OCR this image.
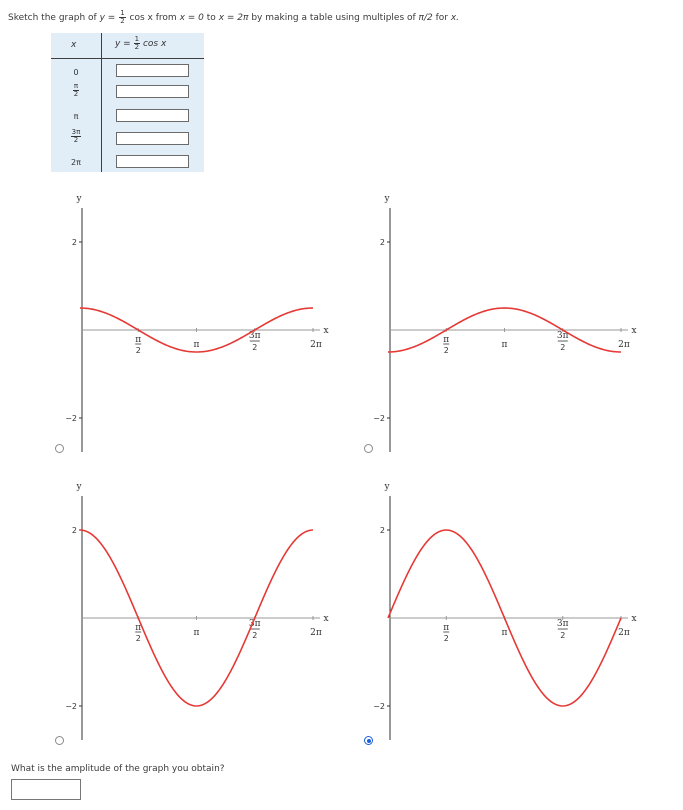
Sketch the graph of $y = \frac{1}{2}$ cos x from x = 0 to x = 2π by making a table using multiples of π/2 for x.
x	$y = \frac{1}{2}$ cos x
0
$\frac{\pi}{2}$
π
$\frac{3\pi}{2}$
2π
y
x
2
−2
π
2
π
3π
2	2π
y
x
2
−2
π
2
π
3π
2	2π
y
x
2
−2
π
2
π
3π
2	2π
y
x
2
−2
π
2
π
3π
2	2π
What is the amplitude of the graph you obtain?
